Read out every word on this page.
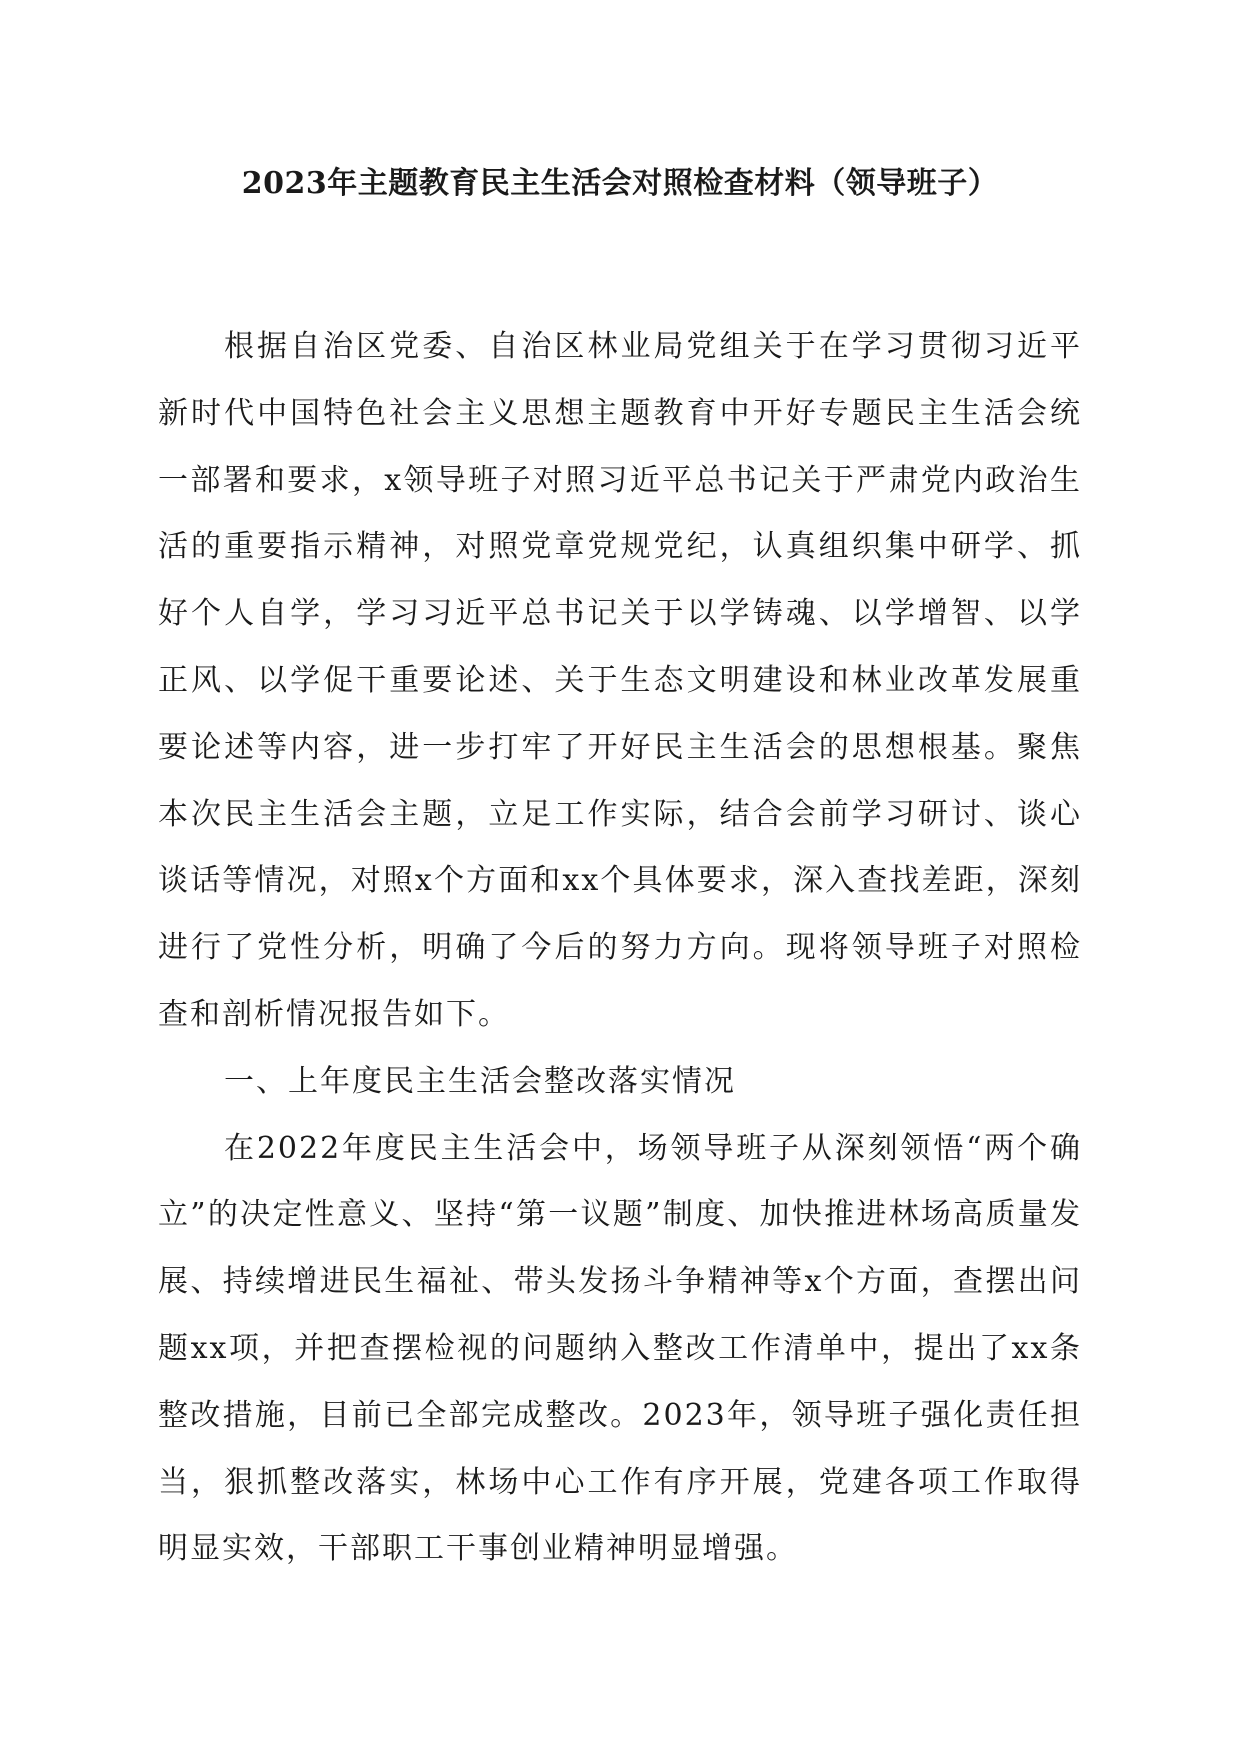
2023年主题教育民主生活会对照检查材料（领导班子）

根据自治区党委、自治区林业局党组关于在学习贯彻习近平新时代中国特色社会主义思想主题教育中开好专题民主生活会统一部署和要求，x领导班子对照习近平总书记关于严肃党内政治生活的重要指示精神，对照党章党规党纪，认真组织集中研学、抓好个人自学，学习习近平总书记关于以学铸魂、以学增智、以学正风、以学促干重要论述、关于生态文明建设和林业改革发展重要论述等内容，进一步打牢了开好民主生活会的思想根基。聚焦本次民主生活会主题，立足工作实际，结合会前学习研讨、谈心谈话等情况，对照x个方面和xx个具体要求，深入查找差距，深刻进行了党性分析，明确了今后的努力方向。现将领导班子对照检查和剖析情况报告如下。

一、上年度民主生活会整改落实情况

在2022年度民主生活会中，场领导班子从深刻领悟“两个确立”的决定性意义、坚持“第一议题”制度、加快推进林场高质量发展、持续增进民生福祉、带头发扬斗争精神等x个方面，查摆出问题xx项，并把查摆检视的问题纳入整改工作清单中，提出了xx条整改措施，目前已全部完成整改。2023年，领导班子强化责任担当，狠抓整改落实，林场中心工作有序开展，党建各项工作取得明显实效，干部职工干事创业精神明显增强。
